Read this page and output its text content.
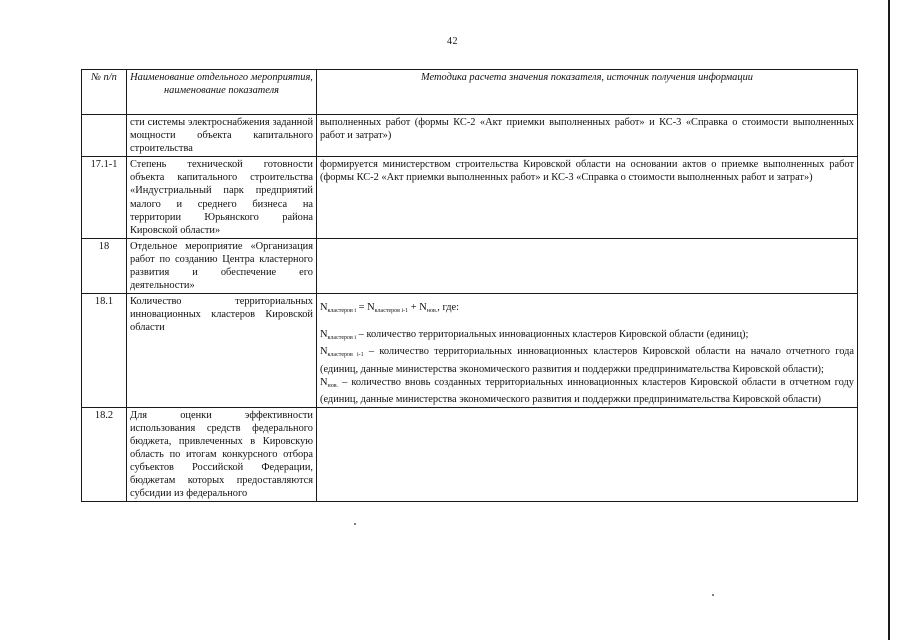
42
№ п/п	Наименование отдельного мероприятия, наименование показателя	Методика расчета значения показателя, источник получения информации
	сти системы электроснабжения заданной мощности объекта капитального строительства	выполненных работ (формы КС-2 «Акт приемки выполненных работ» и КС-3 «Справка о стоимости выполненных работ и затрат»)
17.1-1	Степень технической готовности объекта капитального строительства «Индустриальный парк предприятий малого и среднего бизнеса на территории Юрьянского района Кировской области»	формируется министерством строительства Кировской области на основании актов о приемке выполненных работ (формы КС-2 «Акт приемки выполненных работ» и КС-3 «Справка о стоимости выполненных работ и затрат»)
18	Отдельное мероприятие «Организация работ по созданию Центра кластерного развития и обеспечение его деятельности»	
18.1	Количество территориальных инновационных кластеров Кировской области	$N_{кластеров i} = N_{кластеров i-1} + N_{нов.}$, где:

$N_{кластеров i}$ – количество территориальных инновационных кластеров Кировской области (единиц);

$N_{кластеров i-1}$ – количество территориальных инновационных кластеров Кировской области на начало отчетного года (единиц, данные министерства экономического развития и поддержки предпринимательства Кировской области);

$N_{нов.}$ – количество вновь созданных территориальных инновационных кластеров Кировской области в отчетном году (единиц, данные министерства экономического развития и поддержки предпринимательства Кировской области)

18.2	Для оценки эффективности использования средств федерального бюджета, привлеченных в Кировскую область по итогам конкурсного отбора субъектов Российской Федерации, бюджетам которых предоставляются субсидии из федерального	
